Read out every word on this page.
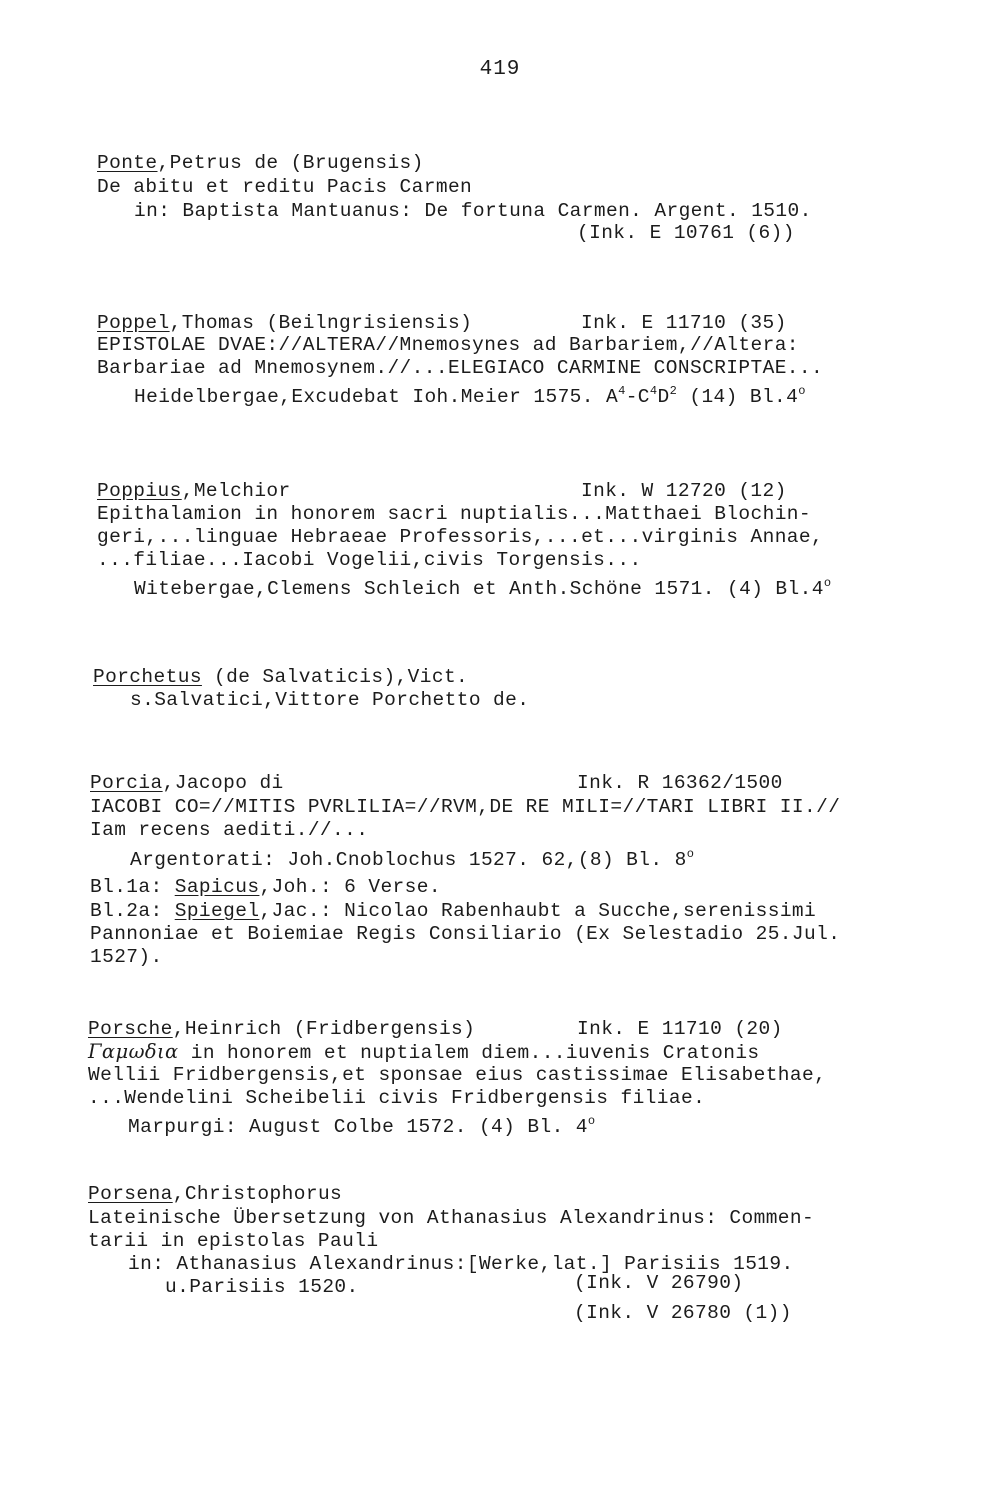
419
Ponte,Petrus de (Brugensis)
De abitu et reditu Pacis Carmen
in: Baptista Mantuanus: De fortuna Carmen. Argent. 1510.
(Ink. E 10761 (6))
Poppel,Thomas (Beilngrisiensis)	Ink. E 11710 (35)
EPISTOLAE DVAE://ALTERA//Mnemosynes ad Barbariem,//Altera:
Barbariae ad Mnemosynem.//...ELEGIACO CARMINE CONSCRIPTAE...
Heidelbergae,Excudebat Ioh.Meier 1575. $A^4-C^4D^2$ (14) Bl.4$^o$
Poppius,Melchior	Ink. W 12720 (12)
Epithalamion in honorem sacri nuptialis...Matthaei Blochin-
geri,...linguae Hebraeae Professoris,...et...virginis Annae,
...filiae...Iacobi Vogelii,civis Torgensis...
Witebergae,Clemens Schleich et Anth.Schöne 1571. (4) Bl.4$^o$
Porchetus (de Salvaticis),Vict.
s.Salvatici,Vittore Porchetto de.
Porcia,Jacopo di	Ink. R 16362/1500
IACOBI CO=//MITIS PVRLILIA=//RVM,DE RE MILI=//TARI LIBRI II.//
Iam recens aediti.//...
Argentorati: Joh.Cnoblochus 1527. 62,(8) Bl. 8$^o$
Bl.1a: Sapicus,Joh.: 6 Verse.
Bl.2a: Spiegel,Jac.: Nicolao Rabenhaubt a Sucche,serenissimi
Pannoniae et Boiemiae Regis Consiliario (Ex Selestadio 25.Jul.
1527).
Porsche,Heinrich (Fridbergensis)	Ink. E 11710 (20)
Γαμωδια in honorem et nuptialem diem...iuvenis Cratonis
Wellii Fridbergensis,et sponsae eius castissimae Elisabethae,
...Wendelini Scheibelii civis Fridbergensis filiae.
Marpurgi: August Colbe 1572. (4) Bl. 4$^o$
Porsena,Christophorus
Lateinische Übersetzung von Athanasius Alexandrinus: Commen-
tarii in epistolas Pauli
in: Athanasius Alexandrinus:[Werke,lat.] Parisiis 1519.
u.Parisiis 1520.	(Ink. V 26790)
(Ink. V 26780 (1))
